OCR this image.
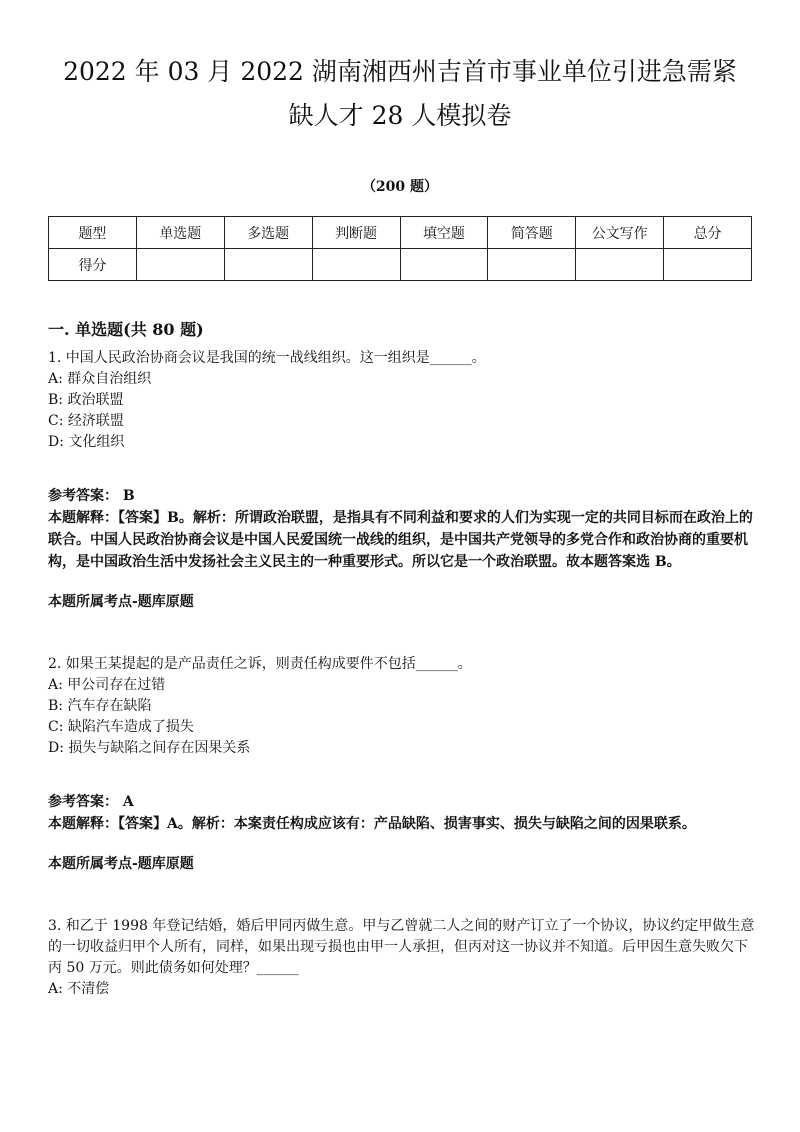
2022 年 03 月 2022 湖南湘西州吉首市事业单位引进急需紧
缺人才 28 人模拟卷
（200 题）
题型	单选题	多选题	判断题	填空题	简答题	公文写作	总分
得分							
一. 单选题(共 80 题)

1. 中国人民政治协商会议是我国的统一战线组织。这一组织是______。

A: 群众自治组织

B: 政治联盟

C: 经济联盟

D: 文化组织

参考答案： B

本题解释：【答案】B。解析：所谓政治联盟，是指具有不同利益和要求的人们为实现一定的共同目标而在政治上的联合。中国人民政治协商会议是中国人民爱国统一战线的组织，是中国共产党领导的多党合作和政治协商的重要机构，是中国政治生活中发扬社会主义民主的一种重要形式。所以它是一个政治联盟。故本题答案选 B。

本题所属考点-题库原题

2. 如果王某提起的是产品责任之诉，则责任构成要件不包括______。

A: 甲公司存在过错

B: 汽车存在缺陷

C: 缺陷汽车造成了损失

D: 损失与缺陷之间存在因果关系

参考答案： A

本题解释：【答案】A。解析：本案责任构成应该有：产品缺陷、损害事实、损失与缺陷之间的因果联系。

本题所属考点-题库原题

3. 和乙于 1998 年登记结婚，婚后甲同丙做生意。甲与乙曾就二人之间的财产订立了一个协议，协议约定甲做生意的一切收益归甲个人所有，同样，如果出现亏损也由甲一人承担，但丙对这一协议并不知道。后甲因生意失败欠下丙 50 万元。则此债务如何处理？______

A: 不清偿
